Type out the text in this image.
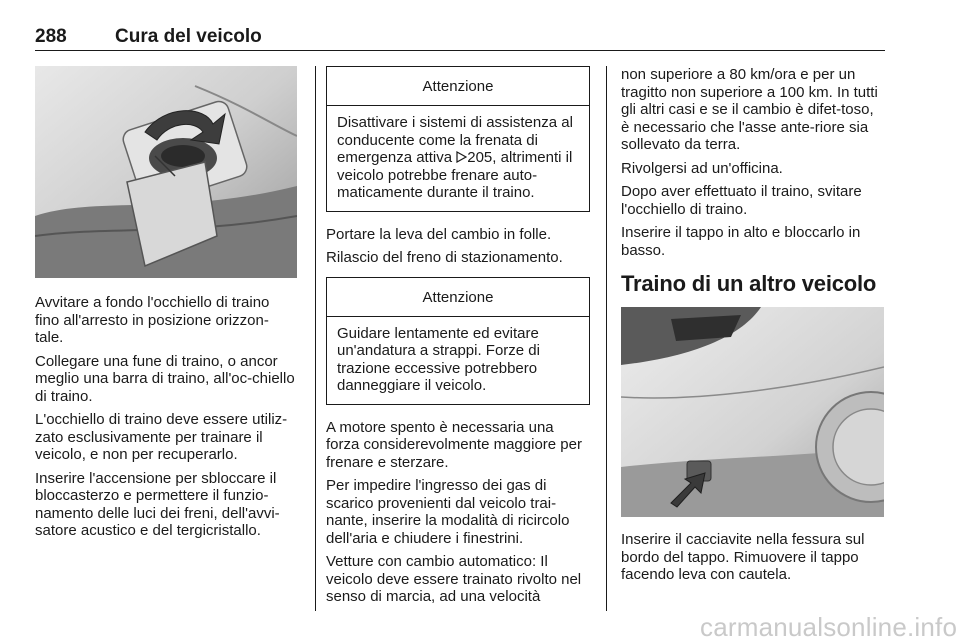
288	Cura del veicolo

Avvitare a fondo l'occhiello di traino fino all'arresto in posizione orizzon‐tale.

Collegare una fune di traino, o ancor meglio una barra di traino, all'oc‐chiello di traino.

L'occhiello di traino deve essere utiliz‐zato esclusivamente per trainare il veicolo, e non per recuperarlo.

Inserire l'accensione per sbloccare il bloccasterzo e permettere il funzio‐namento delle luci dei freni, dell'avvi‐satore acustico e del tergicristallo.

Attenzione
Disattivare i sistemi di assistenza al conducente come la frenata di emergenza attiva 205, altrimenti il veicolo potrebbe frenare auto‐maticamente durante il traino.

Portare la leva del cambio in folle.

Rilascio del freno di stazionamento.

Attenzione
Guidare lentamente ed evitare un'andatura a strappi. Forze di trazione eccessive potrebbero danneggiare il veicolo.

A motore spento è necessaria una forza considerevolmente maggiore per frenare e sterzare.

Per impedire l'ingresso dei gas di scarico provenienti dal veicolo trai‐nante, inserire la modalità di ricircolo dell'aria e chiudere i finestrini.

Vetture con cambio automatico: Il veicolo deve essere trainato rivolto nel senso di marcia, ad una velocità

non superiore a 80 km/ora e per un tragitto non superiore a 100 km. In tutti gli altri casi e se il cambio è difet‐toso, è necessario che l'asse ante‐riore sia sollevato da terra.

Rivolgersi ad un'officina.

Dopo aver effettuato il traino, svitare l'occhiello di traino.

Inserire il tappo in alto e bloccarlo in basso.

Traino di un altro veicolo

Inserire il cacciavite nella fessura sul bordo del tappo. Rimuovere il tappo facendo leva con cautela.

carmanualsonline.info
